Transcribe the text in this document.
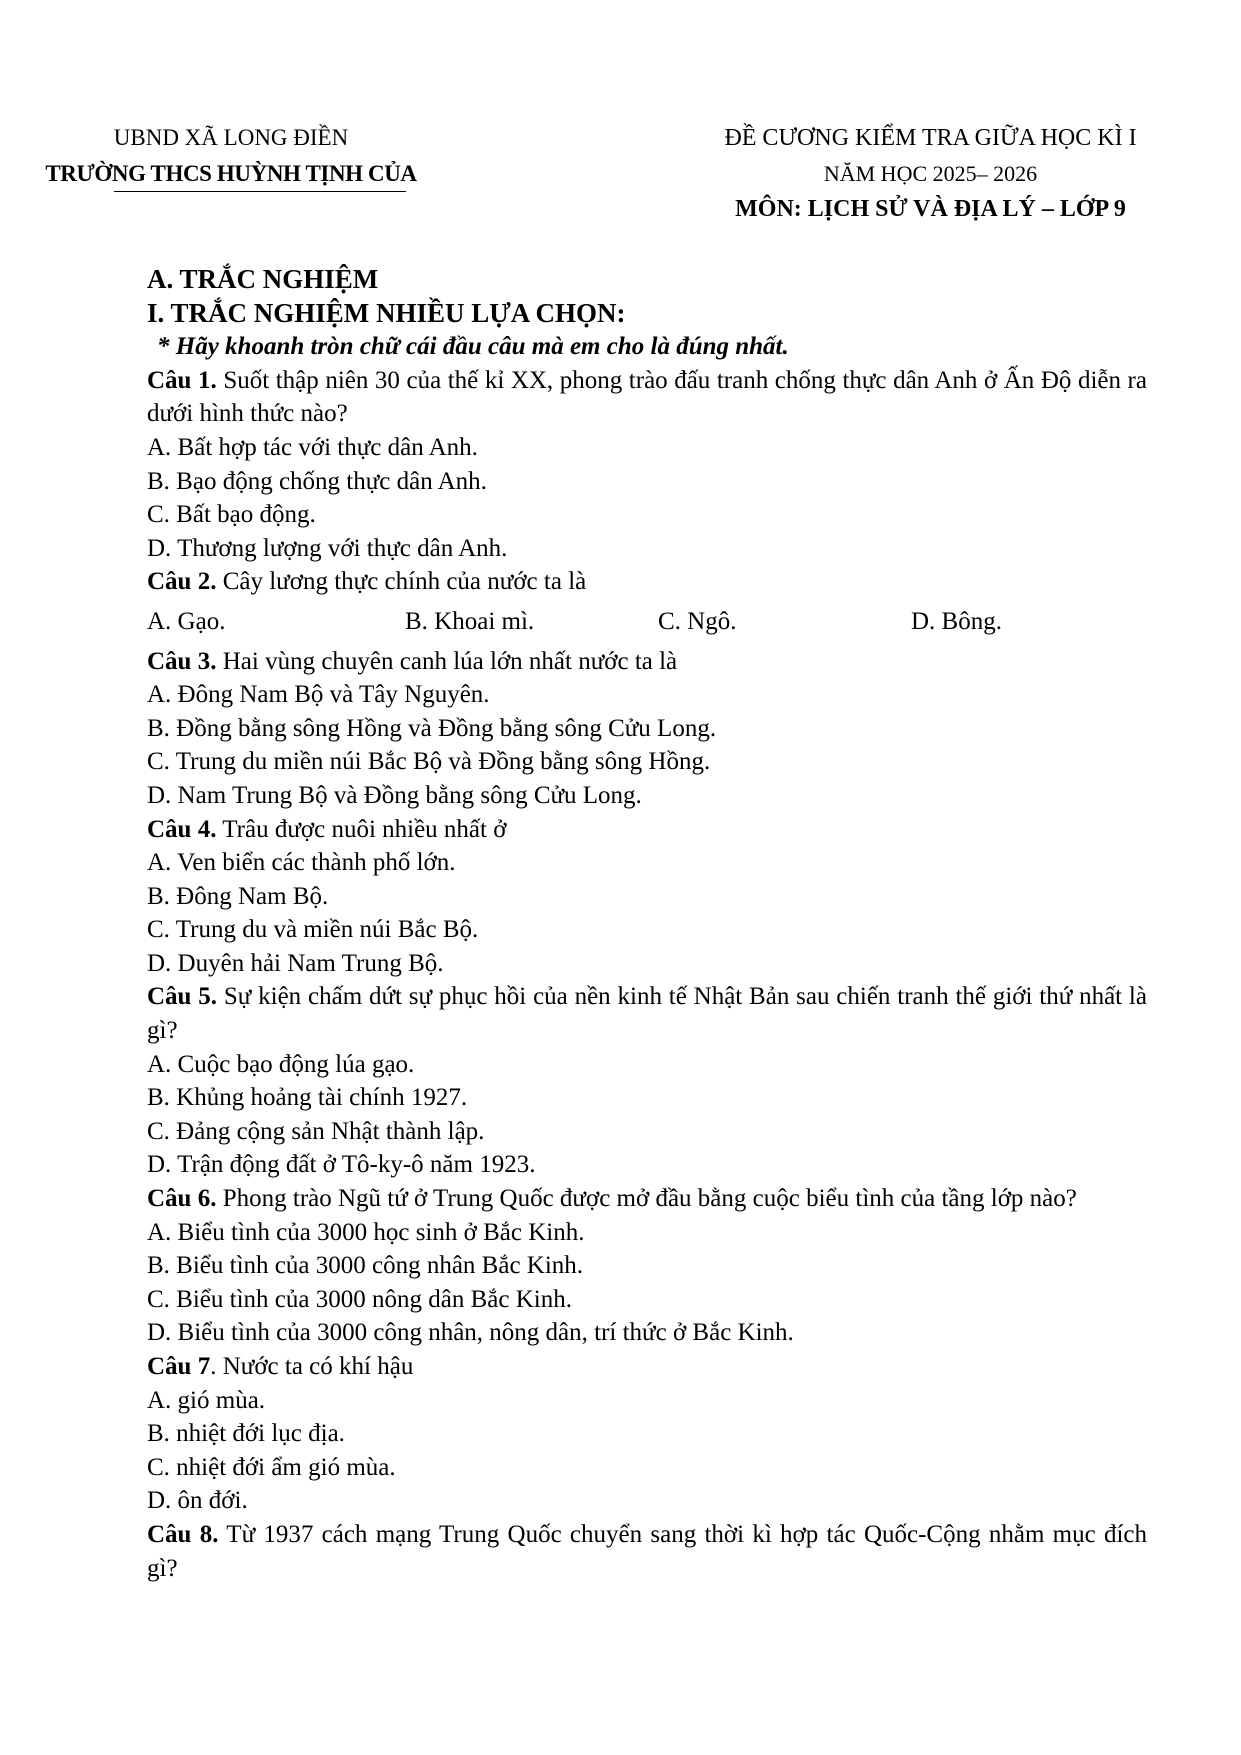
UBND XÃ LONG ĐIỀN
TRƯỜNG THCS HUỲNH TỊNH CỦA
ĐỀ CƯƠNG KIỂM TRA GIỮA HỌC KÌ I
NĂM HỌC 2025– 2026
MÔN: LỊCH SỬ VÀ ĐỊA LÝ – LỚP 9
A. TRẮC NGHIỆM
I. TRẮC NGHIỆM NHIỀU LỰA CHỌN:
* Hãy khoanh tròn chữ cái đầu câu mà em cho là đúng nhất.
Câu 1. Suốt thập niên 30 của thế kỉ XX, phong trào đấu tranh chống thực dân Anh ở Ấn Độ diễn ra dưới hình thức nào?
A. Bất hợp tác với thực dân Anh.
B. Bạo động chống thực dân Anh.
C. Bất bạo động.
D. Thương lượng với thực dân Anh.
Câu 2. Cây lương thực chính của nước ta là
A. Gạo.	B. Khoai mì.	C. Ngô.	D. Bông.
Câu 3. Hai vùng chuyên canh lúa lớn nhất nước ta là
A. Đông Nam Bộ và Tây Nguyên.
B. Đồng bằng sông Hồng và Đồng bằng sông Cửu Long.
C. Trung du miền núi Bắc Bộ và Đồng bằng sông Hồng.
D. Nam Trung Bộ và Đồng bằng sông Cửu Long.
Câu 4. Trâu được nuôi nhiều nhất ở
A. Ven biển các thành phố lớn.
B. Đông Nam Bộ.
C. Trung du và miền núi Bắc Bộ.
D. Duyên hải Nam Trung Bộ.
Câu 5. Sự kiện chấm dứt sự phục hồi của nền kinh tế Nhật Bản sau chiến tranh thế giới thứ nhất là gì?
A. Cuộc bạo động lúa gạo.
B. Khủng hoảng tài chính 1927.
C. Đảng cộng sản Nhật thành lập.
D. Trận động đất ở Tô-ky-ô năm 1923.
Câu 6. Phong trào Ngũ tứ ở Trung Quốc được mở đầu bằng cuộc biểu tình của tầng lớp nào?
A. Biểu tình của 3000 học sinh ở Bắc Kinh.
B. Biểu tình của 3000 công nhân Bắc Kinh.
C. Biểu tình của 3000 nông dân Bắc Kinh.
D. Biểu tình của 3000 công nhân, nông dân, trí thức ở Bắc Kinh.
Câu 7. Nước ta có khí hậu
A. gió mùa.
B. nhiệt đới lục địa.
C. nhiệt đới ẩm gió mùa.
D. ôn đới.
Câu 8. Từ 1937 cách mạng Trung Quốc chuyển sang thời kì hợp tác Quốc-Cộng nhằm mục đích gì?
